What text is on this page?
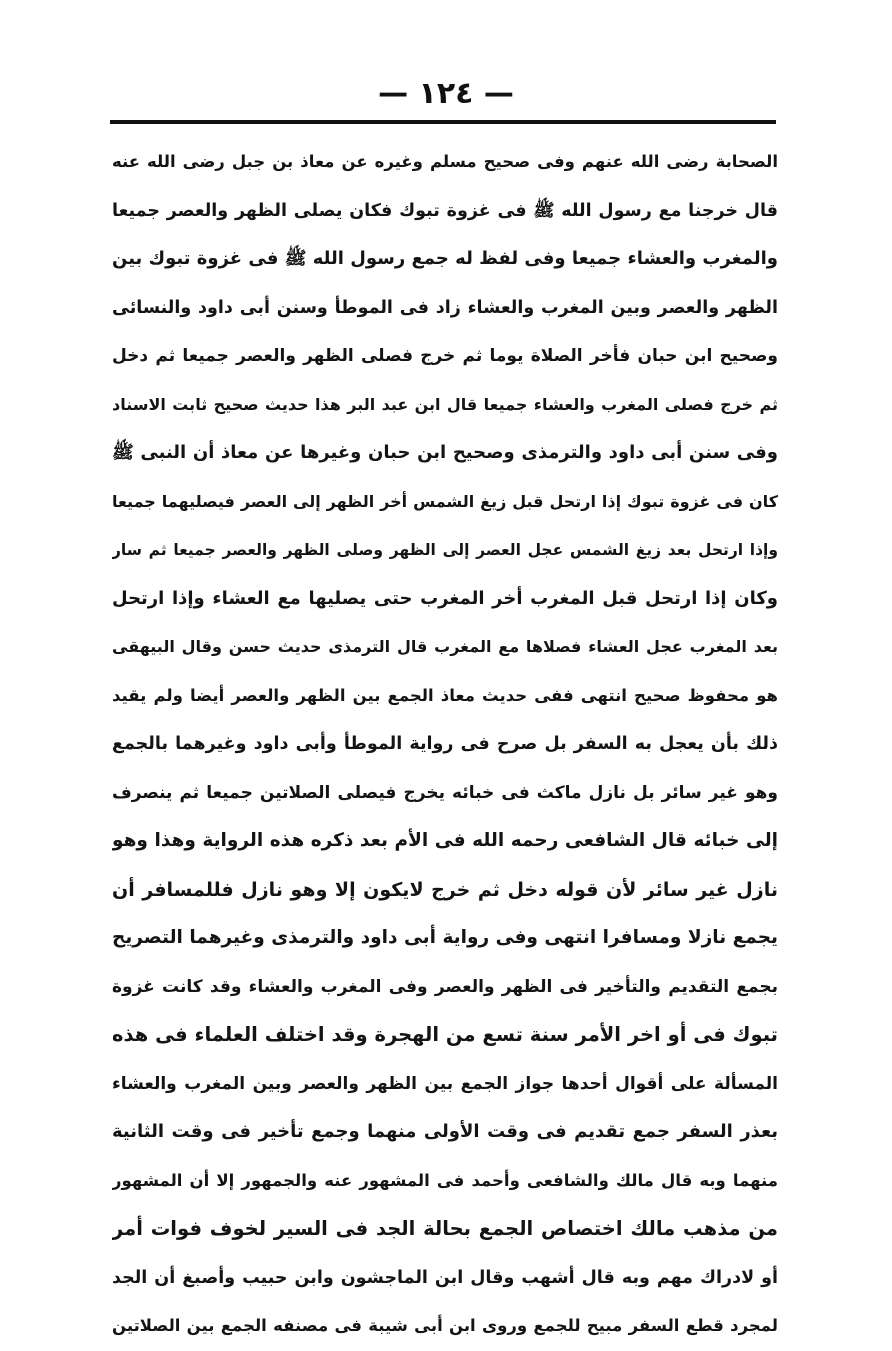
— ١٢٤ —
الصحابة رضى الله عنهم وفى صحيح مسلم وغيره عن معاذ بن جبل رضى الله عنه
قال خرجنا مع رسول الله ﷺ فى غزوة تبوك فكان يصلى الظهر والعصر جميعا
والمغرب والعشاء جميعا وفى لفظ له جمع رسول الله ﷺ فى غزوة تبوك بين
الظهر والعصر وبين المغرب والعشاء زاد فى الموطأ وسنن أبى داود والنسائى
وصحيح ابن حبان فأخر الصلاة يوما ثم خرج فصلى الظهر والعصر جميعا ثم دخل
ثم خرج فصلى المغرب والعشاء جميعا قال ابن عبد البر هذا حديث صحيح ثابت الاسناد
وفى سنن أبى داود والترمذى وصحيح ابن حبان وغيرها عن معاذ أن النبى ﷺ
كان فى غزوة تبوك إذا ارتحل قبل زيغ الشمس أخر الظهر إلى العصر فيصليهما جميعا
وإذا ارتحل بعد زيغ الشمس عجل العصر إلى الظهر وصلى الظهر والعصر جميعا ثم سار
وكان إذا ارتحل قبل المغرب أخر المغرب حتى يصليها مع العشاء وإذا ارتحل
بعد المغرب عجل العشاء فصلاها مع المغرب قال الترمذى حديث حسن وقال البيهقى
هو محفوظ صحيح انتهى ففى حديث معاذ الجمع بين الظهر والعصر أيضا ولم يقيد
ذلك بأن يعجل به السفر بل صرح فى رواية الموطأ وأبى داود وغيرهما بالجمع
وهو غير سائر بل نازل ماكث فى خبائه يخرج فيصلى الصلاتين جميعا ثم ينصرف
إلى خبائه قال الشافعى رحمه الله فى الأم بعد ذكره هذه الرواية وهذا وهو
نازل غير سائر لأن قوله دخل ثم خرج لايكون إلا وهو نازل فللمسافر أن
يجمع نازلا ومسافرا انتهى وفى رواية أبى داود والترمذى وغيرهما التصريح
بجمع التقديم والتأخير فى الظهر والعصر وفى المغرب والعشاء وقد كانت غزوة
تبوك فى أو اخر الأمر سنة تسع من الهجرة وقد اختلف العلماء فى هذه
المسألة على أقوال أحدها جواز الجمع بين الظهر والعصر وبين المغرب والعشاء
بعذر السفر جمع تقديم فى وقت الأولى منهما وجمع تأخير فى وقت الثانية
منهما وبه قال مالك والشافعى وأحمد فى المشهور عنه والجمهور إلا أن المشهور
من مذهب مالك اختصاص الجمع بحالة الجد فى السير لخوف فوات أمر
أو لادراك مهم وبه قال أشهب وقال ابن الماجشون وابن حبيب وأصبغ أن الجد
لمجرد قطع السفر مبيح للجمع وروى ابن أبى شيبة فى مصنفه الجمع بين الصلاتين
